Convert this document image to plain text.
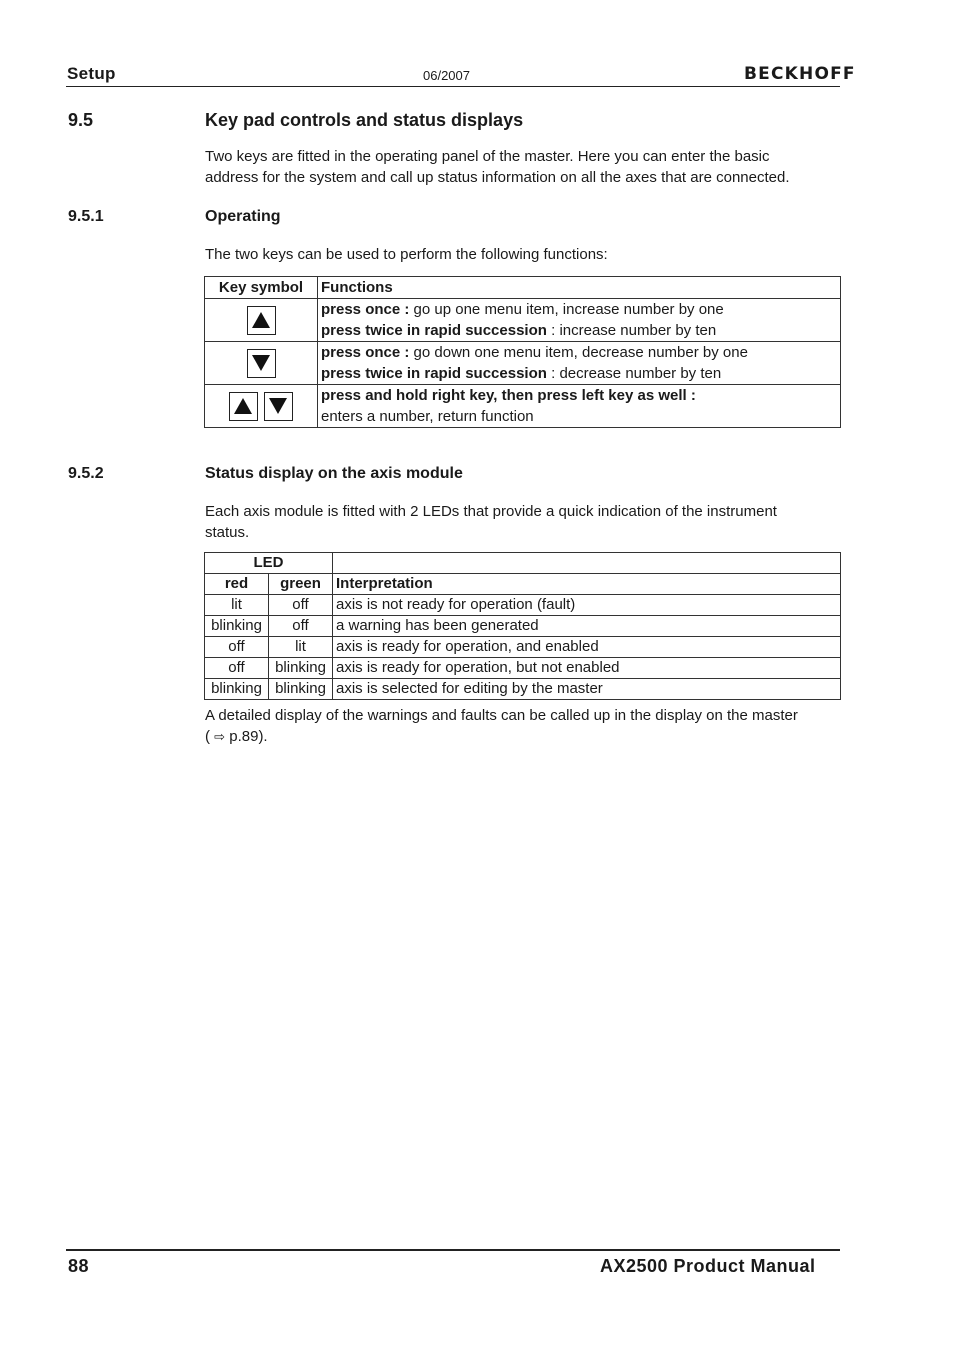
Setup	06/2007	BECKHOFF
9.5	Key pad controls and status displays
Two keys are fitted in the operating panel of the master. Here you can enter the basic
address for the system and call up status information on all the axes that are connected.
9.5.1	Operating
The two keys can be used to perform the following functions:
Key symbol	Functions

press once : go up one menu item, increase number by one
press twice in rapid succession : increase number by ten

press once : go down one menu item, decrease number by one
press twice in rapid succession : decrease number by ten

press and hold right key, then press left key as well :
enters a number, return function
9.5.2	Status display on the axis module
Each axis module is fitted with 2 LEDs that provide a quick indication of the instrument
status.
LED		
red	green	Interpretation
lit	off	axis is not ready for operation (fault)
blinking	off	a warning has been generated
off	lit	axis is ready for operation, and enabled
off	blinking	axis is ready for operation, but not enabled
blinking	blinking	axis is selected for editing by the master
A detailed display of the warnings and faults can be called up in the display on the master
( ⇨ p.89).
88	AX2500 Product Manual
